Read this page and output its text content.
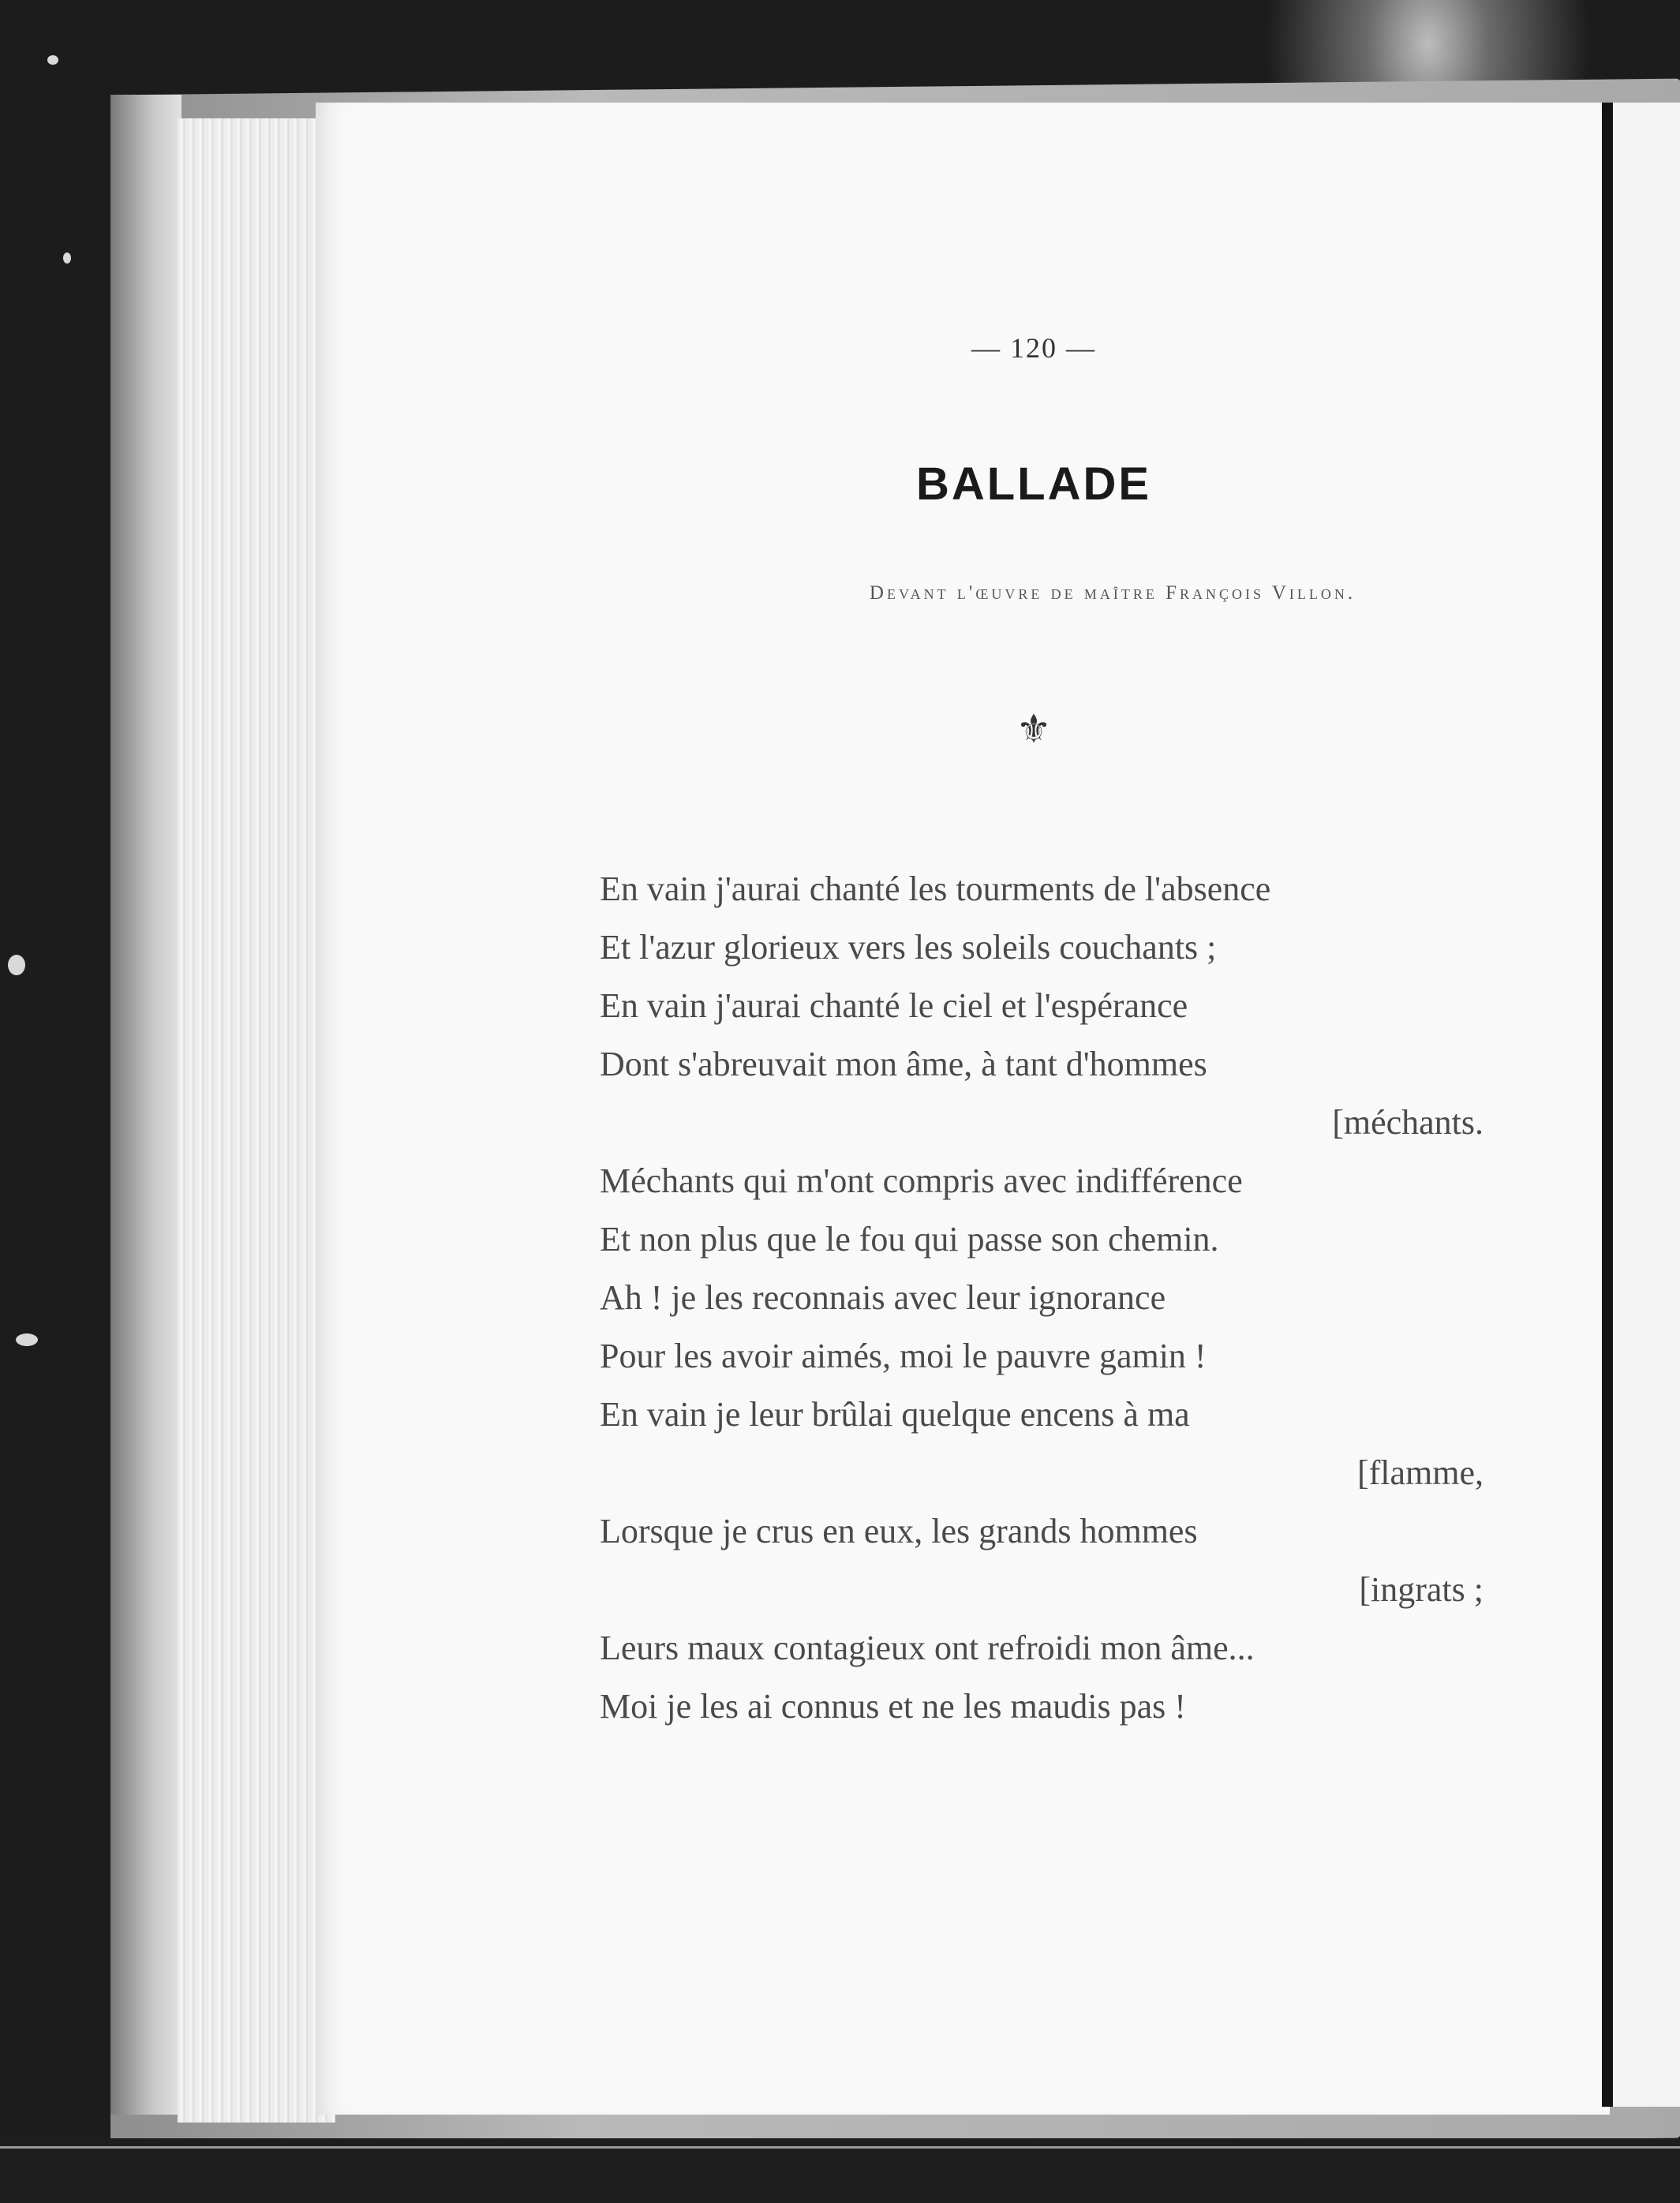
— 120 —
BALLADE
Devant l'œuvre de maître François Villon.
⚜
En vain j'aurai chanté les tourments de l'absence
Et l'azur glorieux vers les soleils couchants ;
En vain j'aurai chanté le ciel et l'espérance
Dont s'abreuvait mon âme, à tant d'hommes
[méchants.
Méchants qui m'ont compris avec indifférence
Et non plus que le fou qui passe son chemin.
Ah ! je les reconnais avec leur ignorance
Pour les avoir aimés, moi le pauvre gamin !
En vain je leur brûlai quelque encens à ma
[flamme,
Lorsque je crus en eux, les grands hommes
[ingrats ;
Leurs maux contagieux ont refroidi mon âme...
Moi je les ai connus et ne les maudis pas !
